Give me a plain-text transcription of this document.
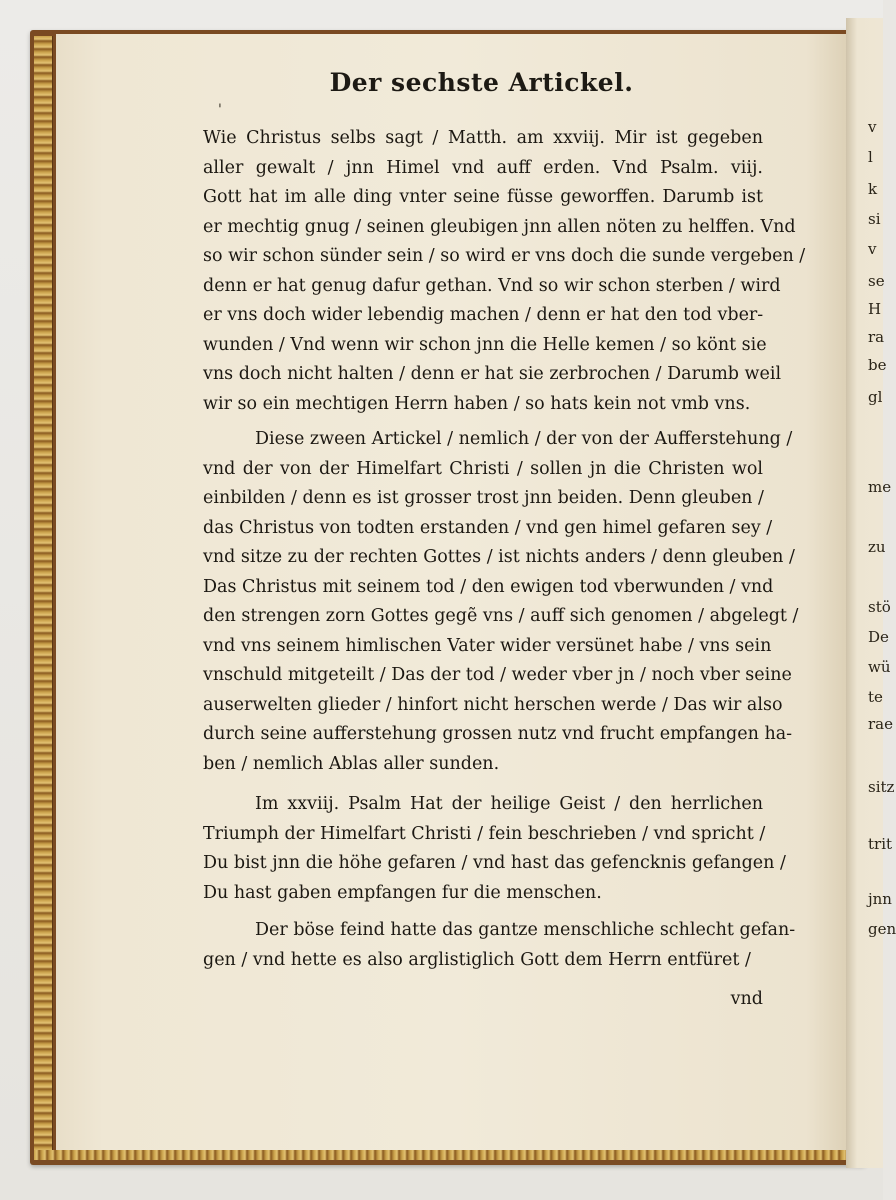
v
l
k
si
v
se
H
ra
be
gl
me
zu
stö
De
wü
te
rae
sitz
trit
jnn
gen
'
Der sechste Artickel.
Wie Christus selbs sagt / Matth. am xxviij. Mir ist gegeben
aller gewalt / jnn Himel vnd auff erden. Vnd Psalm. viij.
Gott hat im alle ding vnter seine füsse geworffen. Darumb ist
er mechtig gnug / seinen gleubigen jnn allen nöten zu helffen. Vnd
so wir schon sünder sein / so wird er vns doch die sunde vergeben /
denn er hat genug dafur gethan. Vnd so wir schon sterben / wird
er vns doch wider lebendig machen / denn er hat den tod vber-
wunden / Vnd wenn wir schon jnn die Helle kemen / so könt sie
vns doch nicht halten / denn er hat sie zerbrochen / Darumb weil
wir so ein mechtigen Herrn haben / so hats kein not vmb vns.
Diese zween Artickel / nemlich / der von der Aufferstehung /
vnd der von der Himelfart Christi / sollen jn die Christen wol
einbilden / denn es ist grosser trost jnn beiden. Denn gleuben /
das Christus von todten erstanden / vnd gen himel gefaren sey /
vnd sitze zu der rechten Gottes / ist nichts anders / denn gleuben /
Das Christus mit seinem tod / den ewigen tod vberwunden / vnd
den strengen zorn Gottes gegẽ vns / auff sich genomen / abgelegt /
vnd vns seinem himlischen Vater wider versünet habe / vns sein
vnschuld mitgeteilt / Das der tod / weder vber jn / noch vber seine
auserwelten glieder / hinfort nicht herschen werde / Das wir also
durch seine aufferstehung grossen nutz vnd frucht empfangen ha-
ben / nemlich Ablas aller sunden.
Im xxviij. Psalm Hat der heilige Geist / den herrlichen
Triumph der Himelfart Christi / fein beschrieben / vnd spricht /
Du bist jnn die höhe gefaren / vnd hast das gefencknis gefangen /
Du hast gaben empfangen fur die menschen.
Der böse feind hatte das gantze menschliche schlecht gefan-
gen / vnd hette es also arglistiglich Gott dem Herrn entfüret /
vnd
